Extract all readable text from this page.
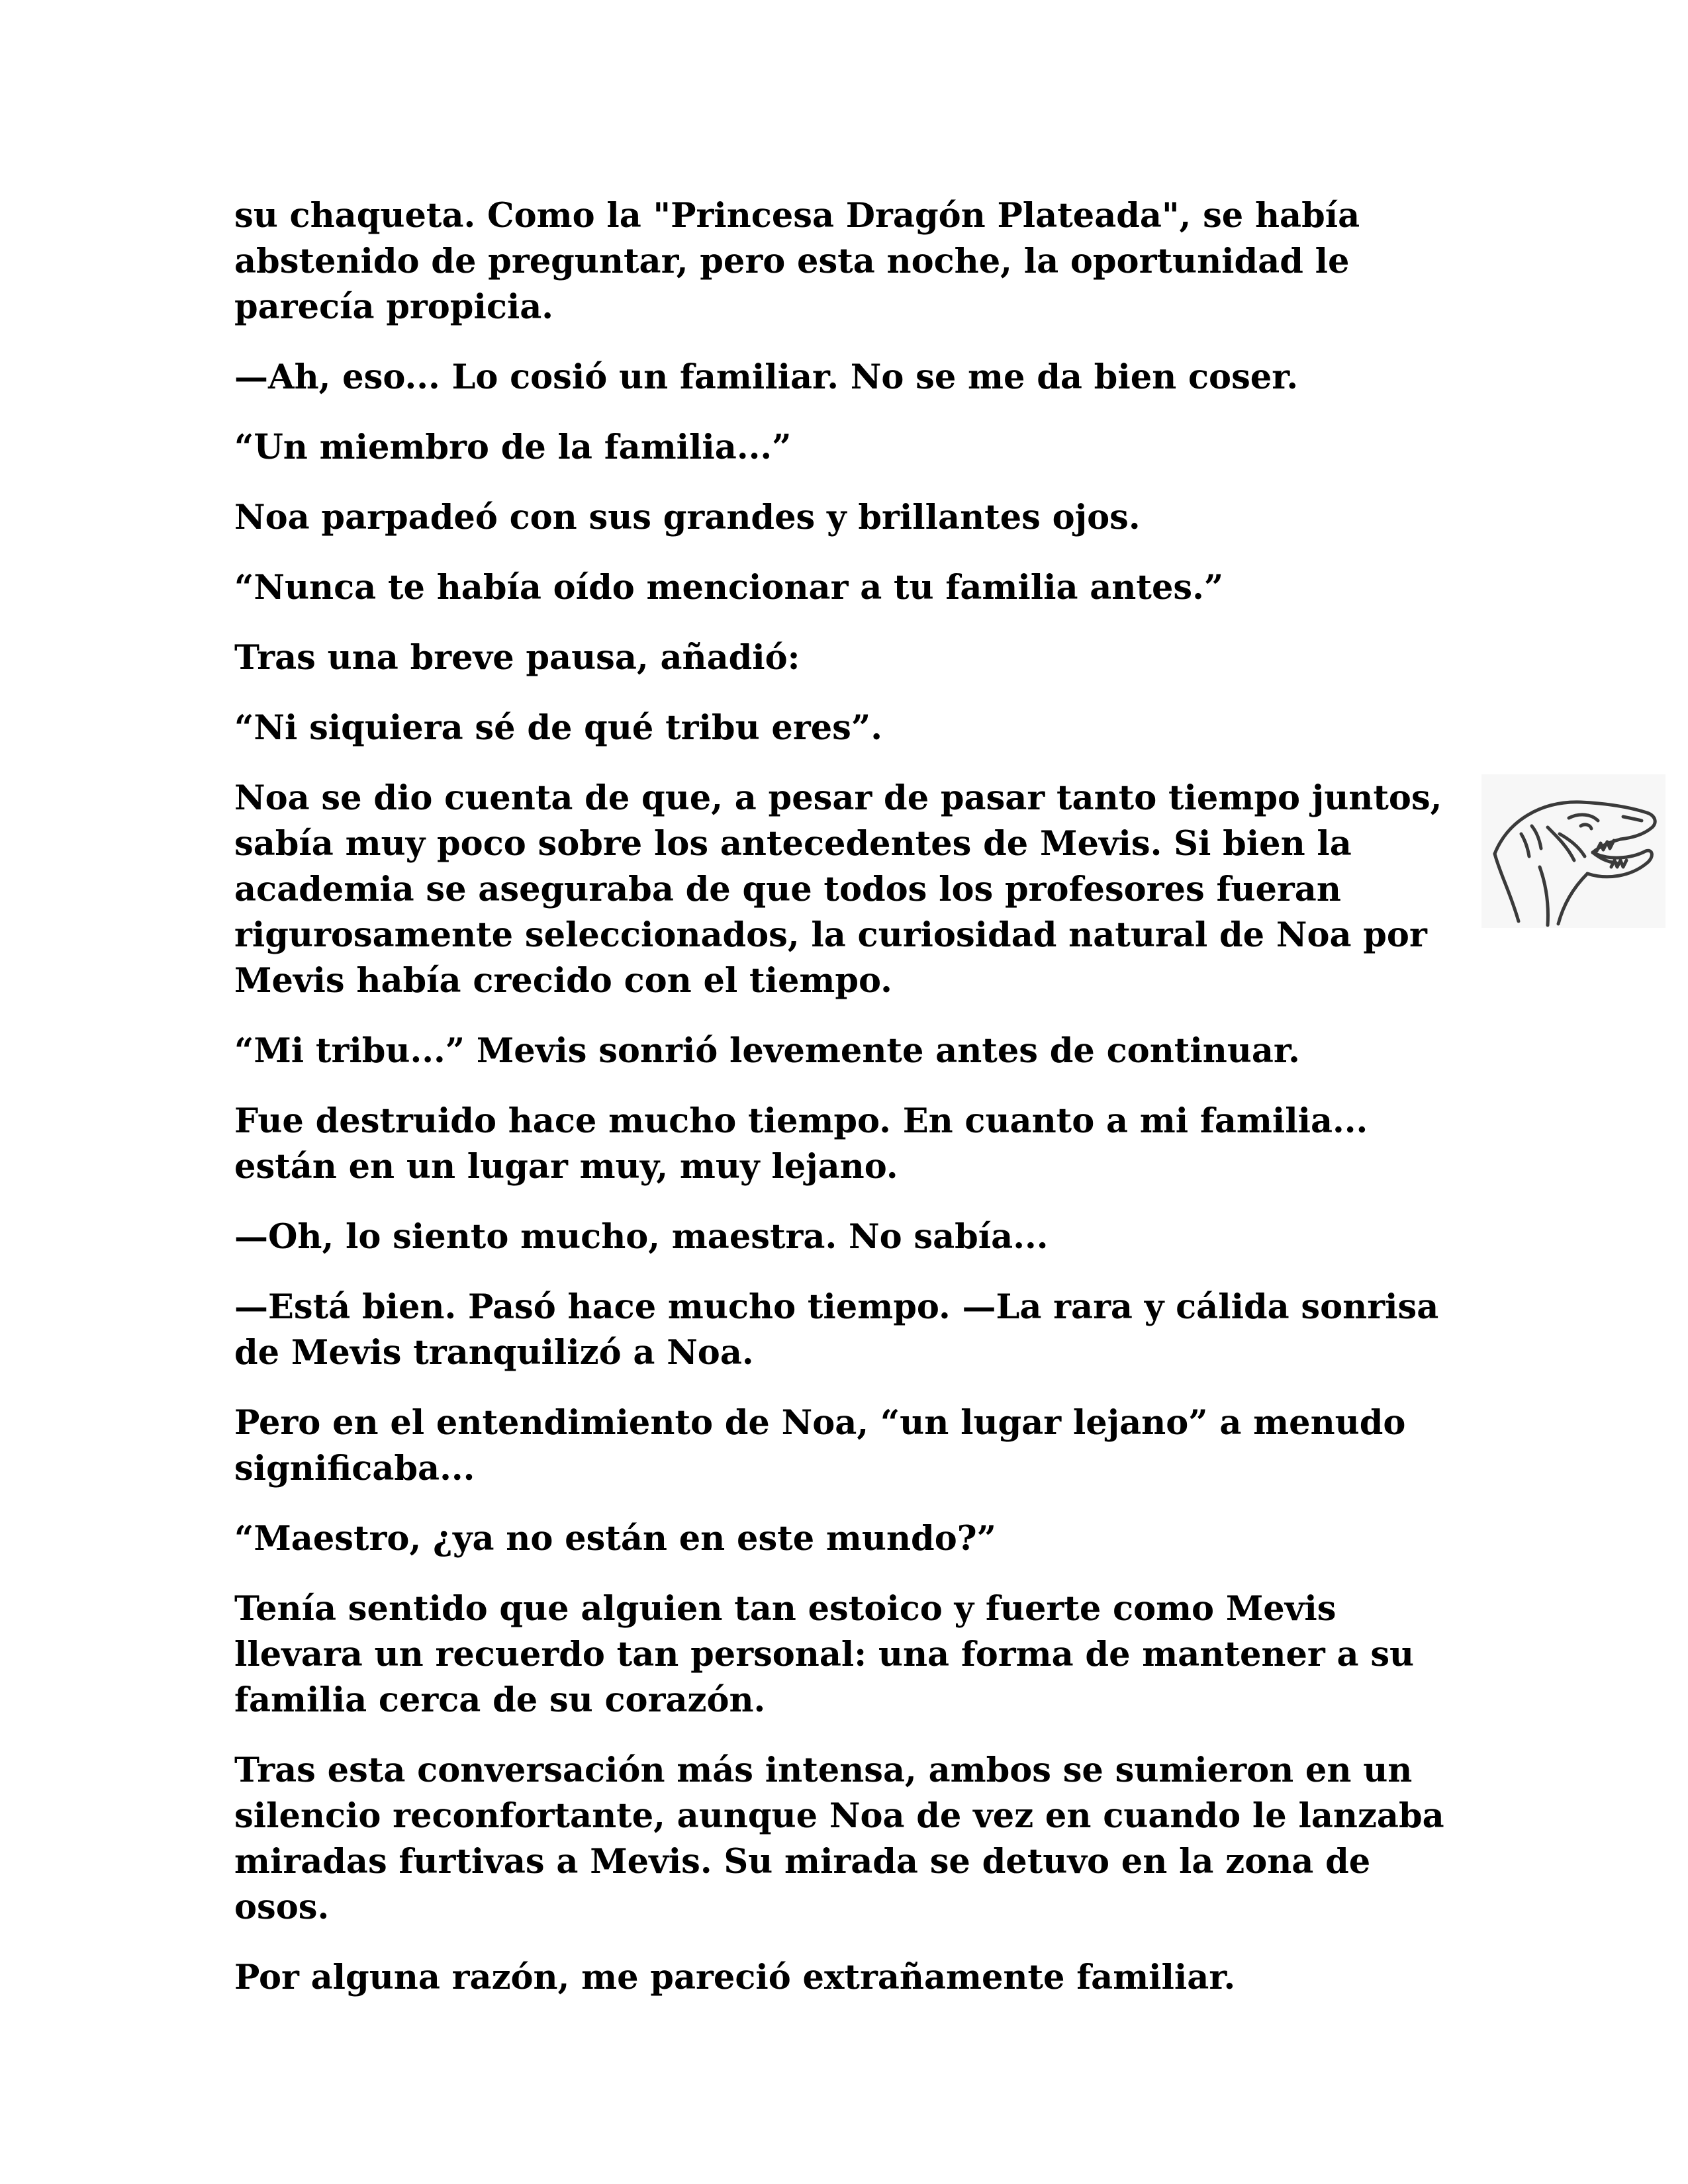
su chaqueta. Como la "Princesa Dragón Plateada", se había abstenido de preguntar, pero esta noche, la oportunidad le parecía propicia.

—Ah, eso... Lo cosió un familiar. No se me da bien coser.

“Un miembro de la familia...”

Noa parpadeó con sus grandes y brillantes ojos.

“Nunca te había oído mencionar a tu familia antes.”

Tras una breve pausa, añadió:

“Ni siquiera sé de qué tribu eres”.

Noa se dio cuenta de que, a pesar de pasar tanto tiempo juntos, sabía muy poco sobre los antecedentes de Mevis. Si bien la academia se aseguraba de que todos los profesores fueran rigurosamente seleccionados, la curiosidad natural de Noa por Mevis había crecido con el tiempo.

“Mi tribu...” Mevis sonrió levemente antes de continuar.

Fue destruido hace mucho tiempo. En cuanto a mi familia... están en un lugar muy, muy lejano.

—Oh, lo siento mucho, maestra. No sabía...

—Está bien. Pasó hace mucho tiempo. —La rara y cálida sonrisa de Mevis tranquilizó a Noa.

Pero en el entendimiento de Noa, “un lugar lejano” a menudo significaba...

“Maestro, ¿ya no están en este mundo?”

Tenía sentido que alguien tan estoico y fuerte como Mevis llevara un recuerdo tan personal: una forma de mantener a su familia cerca de su corazón.

Tras esta conversación más intensa, ambos se sumieron en un silencio reconfortante, aunque Noa de vez en cuando le lanzaba miradas furtivas a Mevis. Su mirada se detuvo en la zona de osos.

Por alguna razón, me pareció extrañamente familiar.
